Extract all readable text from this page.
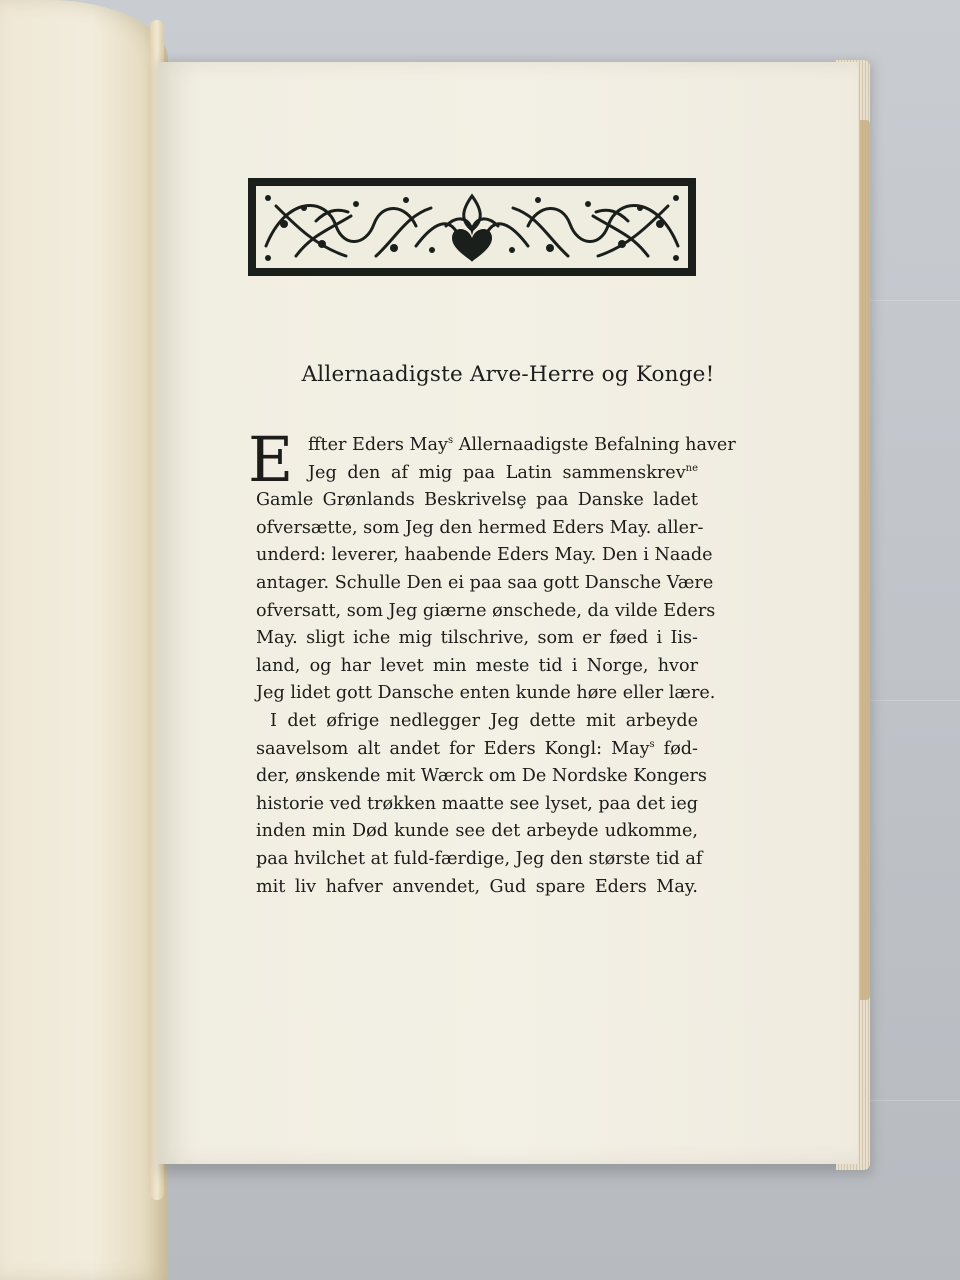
Allernaadigste Arve-Herre og Konge!
E ffter Eders May$^s$ Allernaadigste Befalning haver
Jeg den af mig paa Latin sammenskrev$^{ne}$
Gamle Grønlands Beskrivelsȩ paa Danske ladet
ofversætte, som Jeg den hermed Eders May. aller-
underd: leverer, haabende Eders May. Den i Naade
antager. Schulle Den ei paa saa gott Dansche Være
ofversatt, som Jeg giærne ønschede, da vilde Eders
May. sligt iche mig tilschrive, som er føed i Iis-
land, og har levet min meste tid i Norge, hvor
Jeg lidet gott Dansche enten kunde høre eller lære.
I det øfrige nedlegger Jeg dette mit arbeyde
saavelsom alt andet for Eders Kongl: May$^s$ fød-
der, ønskende mit Wærck om De Nordske Kongers
historie ved trøkken maatte see lyset, paa det ieg
inden min Død kunde see det arbeyde udkomme,
paa hvilchet at fuld-færdige, Jeg den største tid af
mit liv hafver anvendet, Gud spare Eders May.
